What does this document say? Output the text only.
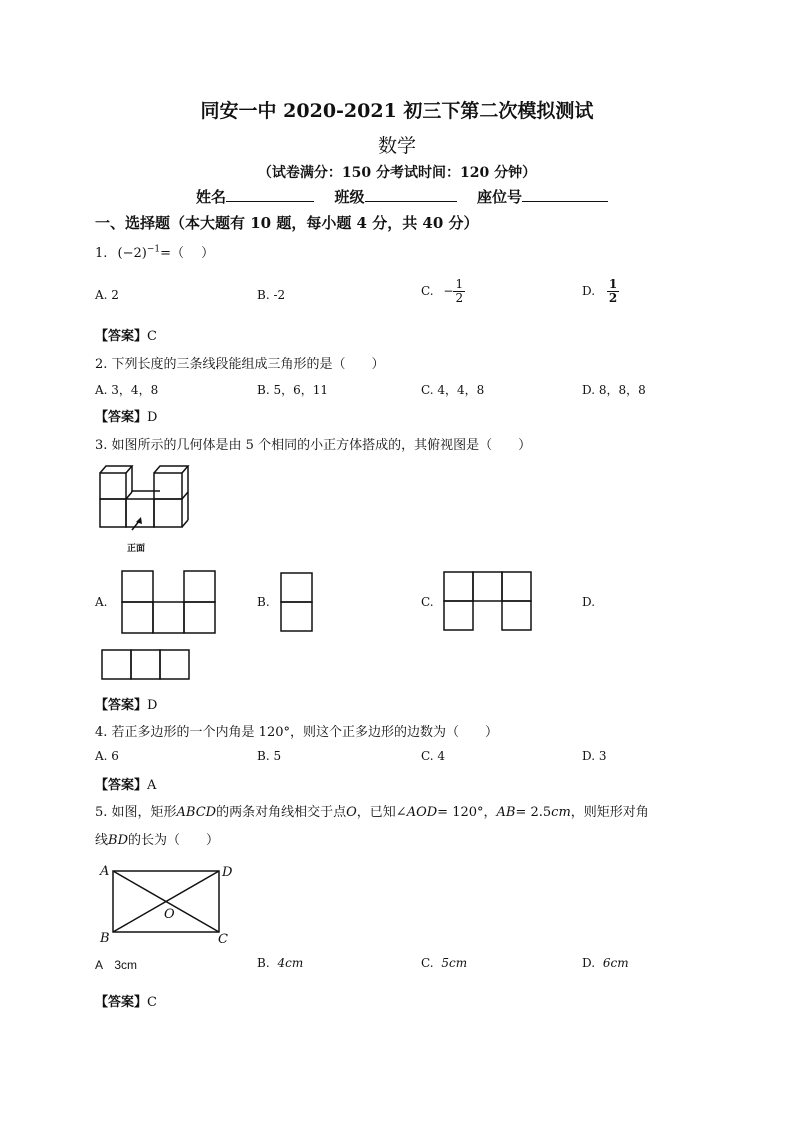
同安一中 2020-2021 初三下第二次模拟测试
数学
（试卷满分：150 分考试时间：120 分钟）
姓名	班级	座位号
一、选择题（本大题有 10 题，每小题 4 分，共 40 分）
1. $(-2)^{-1}=$（　 ）
A. 2	B. -2	C. − $\frac{1}{2}$	D. $\frac{1}{2}$
【答案】C
2. 下列长度的三条线段能组成三角形的是（　　）
A. 3，4，8	B. 5，6，11	C. 4，4，8	D. 8，8，8
【答案】D
3. 如图所示的几何体是由 5 个相同的小正方体搭成的，其俯视图是（　　）
正面
A.	B.	C.	D.
【答案】D
4. 若正多边形的一个内角是 120°，则这个正多边形的边数为（　　）
A. 6	B. 5	C. 4	D. 3
【答案】A
5. 如图，矩形ABCD的两条对角线相交于点O，已知∠AOD= 120°，AB= 2.5cm，则矩形对角
线BD的长为（　　）
A	D
B	C
O
A　3cm	B. 4cm	C. 5cm	D. 6cm
【答案】C
